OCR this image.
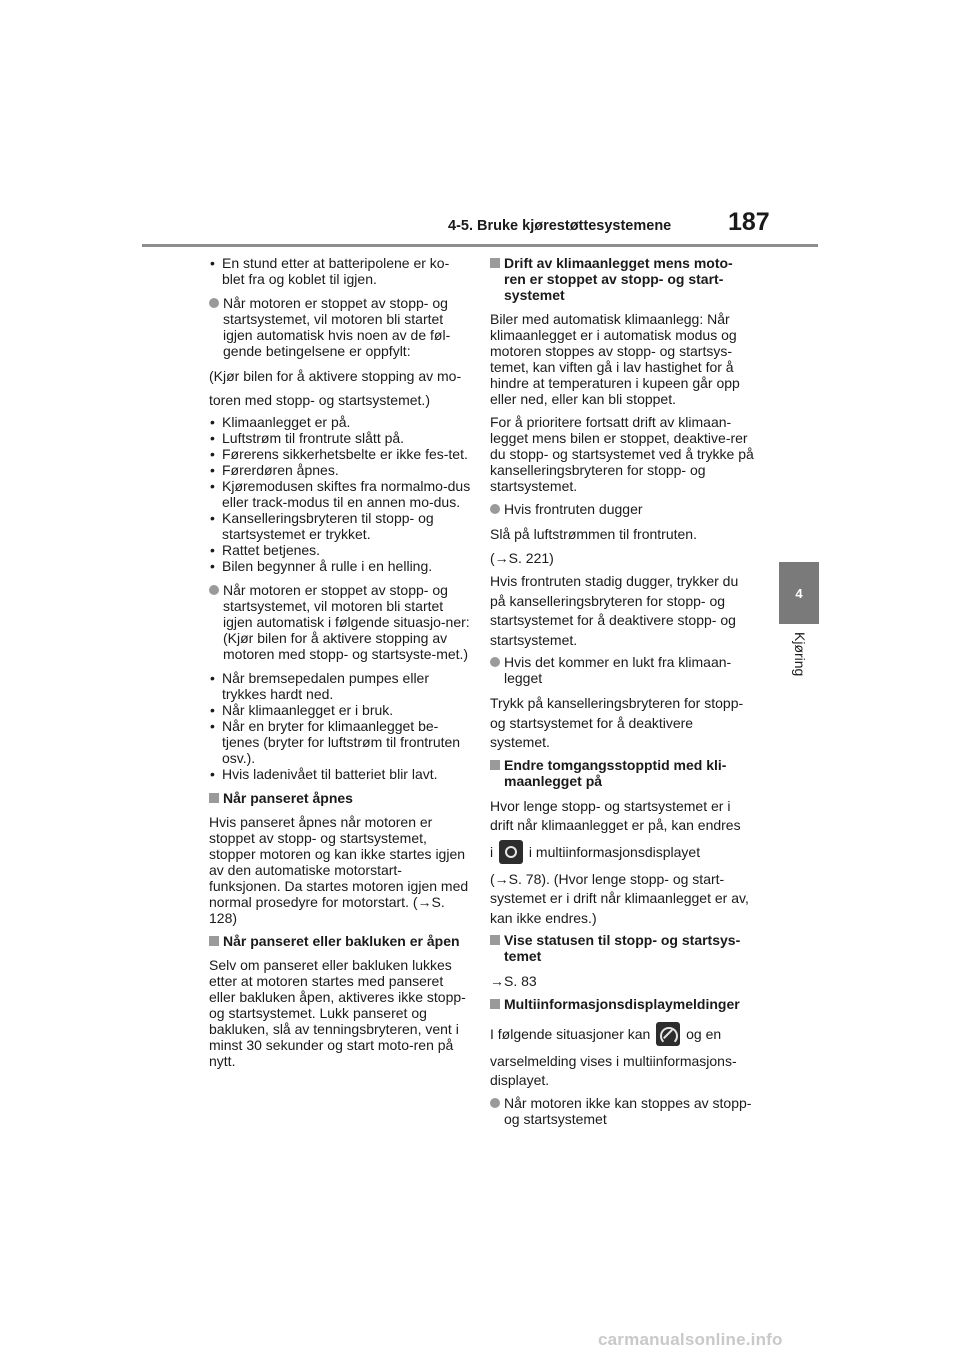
4-5. Bruke kjørestøttesystemene	187
4
Kjøring
• En stund etter at batteripolene er ko-blet fra og koblet til igjen.
Når motoren er stoppet av stopp- og startsystemet, vil motoren bli startet igjen automatisk hvis noen av de føl-gende betingelsene er oppfylt:
(Kjør bilen for å aktivere stopping av mo-
toren med stopp- og startsystemet.)
• Klimaanlegget er på.
• Luftstrøm til frontrute slått på.
• Førerens sikkerhetsbelte er ikke fes-tet.
• Førerdøren åpnes.
• Kjøremodusen skiftes fra normalmo-dus eller track-modus til en annen mo-dus.
• Kanselleringsbryteren til stopp- og startsystemet er trykket.
• Rattet betjenes.
• Bilen begynner å rulle i en helling.
Når motoren er stoppet av stopp- og startsystemet, vil motoren bli startet igjen automatisk i følgende situasjo-ner: (Kjør bilen for å aktivere stopping av motoren med stopp- og startsyste-met.)
• Når bremsepedalen pumpes eller trykkes hardt ned.
• Når klimaanlegget er i bruk.
• Når en bryter for klimaanlegget be-tjenes (bryter for luftstrøm til frontruten osv.).
• Hvis ladenivået til batteriet blir lavt.
Når panseret åpnes
Hvis panseret åpnes når motoren er stoppet av stopp- og startsystemet, stopper motoren og kan ikke startes igjen av den automatiske motorstart-funksjonen. Da startes motoren igjen med normal prosedyre for motorstart. (→S. 128)
Når panseret eller bakluken er åpen
Selv om panseret eller bakluken lukkes etter at motoren startes med panseret eller bakluken åpen, aktiveres ikke stopp- og startsystemet. Lukk panseret og bakluken, slå av tenningsbryteren, vent i minst 30 sekunder og start moto-ren på nytt.
Drift av klimaanlegget mens moto-ren er stoppet av stopp- og start-systemet
Biler med automatisk klimaanlegg: Når klimaanlegget er i automatisk modus og motoren stoppes av stopp- og startsys-temet, kan viften gå i lav hastighet for å hindre at temperaturen i kupeen går opp eller ned, eller kan bli stoppet.
For å prioritere fortsatt drift av klimaan-legget mens bilen er stoppet, deaktive-rer du stopp- og startsystemet ved å trykke på kanselleringsbryteren for stopp- og startsystemet.
Hvis frontruten dugger
Slå på luftstrømmen til frontruten.
(→S. 221)
Hvis frontruten stadig dugger, trykker du på kanselleringsbryteren for stopp- og startsystemet for å deaktivere stopp- og startsystemet.
Hvis det kommer en lukt fra klimaan-legget
Trykk på kanselleringsbryteren for stopp- og startsystemet for å deaktivere systemet.
Endre tomgangsstopptid med kli-maanlegget på
Hvor lenge stopp- og startsystemet er i drift når klimaanlegget er på, kan endres
i	i multiinformasjonsdisplayet
(→S. 78). (Hvor lenge stopp- og start-systemet er i drift når klimaanlegget er av, kan ikke endres.)
Vise statusen til stopp- og startsys-temet
→S. 83
Multiinformasjonsdisplaymeldinger
I følgende situasjoner kan	og en
varselmelding vises i multiinformasjons-displayet.
Når motoren ikke kan stoppes av stopp- og startsystemet
carmanualsonline.info
